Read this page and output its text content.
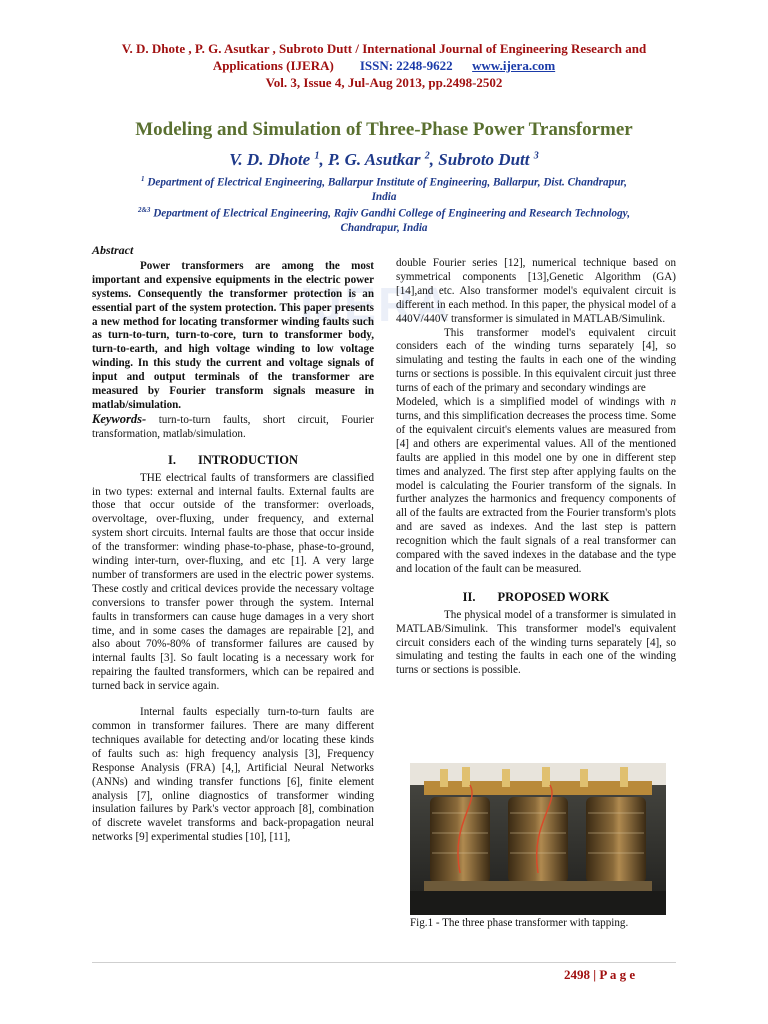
V. D. Dhote , P. G. Asutkar , Subroto Dutt / International Journal of Engineering Research and
Applications (IJERA) ISSN: 2248-9622 www.ijera.com
Vol. 3, Issue 4, Jul-Aug 2013, pp.2498-2502
IJERA
Modeling and Simulation of Three-Phase Power Transformer
V. D. Dhote $^1$, P. G. Asutkar $^2$, Subroto Dutt $^3$
$^1$ Department of Electrical Engineering, Ballarpur Institute of Engineering, Ballarpur, Dist. Chandrapur,
India
$^{2\&3}$ Department of Electrical Engineering, Rajiv Gandhi College of Engineering and Research Technology,
Chandrapur, India
Abstract

Power transformers are among the most important and expensive equipments in the electric power systems. Consequently the transformer protection is an essential part of the system protection. This paper presents a new method for locating transformer winding faults such as turn-to-turn, turn-to-core, turn to transformer body, turn-to-earth, and high voltage winding to low voltage winding. In this study the current and voltage signals of input and output terminals of the transformer are measured by Fourier transform signals measure in matlab/simulation.

Keywords- turn-to-turn faults, short circuit, Fourier transformation, matlab/simulation.

I. INTRODUCTION

THE electrical faults of transformers are classified in two types: external and internal faults. External faults are those that occur outside of the transformer: overloads, overvoltage, over-fluxing, under frequency, and external system short circuits. Internal faults are those that occur inside of the transformer: winding phase-to-phase, phase-to-ground, winding inter-turn, over-fluxing, and etc [1]. A very large number of transformers are used in the electric power systems. These costly and critical devices provide the necessary voltage conversions to transfer power through the system. Internal faults in transformers can cause huge damages in a very short time, and in some cases the damages are repairable [2], and also about 70%-80% of transformer failures are caused by internal faults [3]. So fault locating is a necessary work for repairing the faulted transformers, which can be repaired and turned back in service again.

Internal faults especially turn-to-turn faults are common in transformer failures. There are many different techniques available for detecting and/or locating these kinds of faults such as: high frequency analysis [3], Frequency Response Analysis (FRA) [4,], Artificial Neural Networks (ANNs) and winding transfer functions [6], finite element analysis [7], online diagnostics of transformer winding insulation failures by Park's vector approach [8], combination of discrete wavelet transforms and back-propagation neural networks [9] experimental studies [10], [11],

double Fourier series [12], numerical technique based on symmetrical components [13],Genetic Algorithm (GA) [14],and etc. Also transformer model's equivalent circuit is different in each method. In this paper, the physical model of a 440V/440V transformer is simulated in MATLAB/Simulink.

This transformer model's equivalent circuit considers each of the winding turns separately [4], so simulating and testing the faults in each one of the winding turns or sections is possible. In this equivalent circuit just three turns of each of the primary and secondary windings are

Modeled, which is a simplified model of windings with n turns, and this simplification decreases the process time. Some of the equivalent circuit's elements values are measured from [4] and others are experimental values. All of the mentioned faults are applied in this model one by one in different step times and analyzed. The first step after applying faults on the model is calculating the Fourier transform of the signals. In further analyzes the harmonics and frequency components of all of the faults are extracted from the Fourier transform's plots and are saved as indexes. And the last step is pattern recognition which the fault signals of a real transformer can compared with the saved indexes in the database and the type and location of the fault can be measured.

II. PROPOSED WORK

The physical model of a transformer is simulated in MATLAB/Simulink. This transformer model's equivalent circuit considers each of the winding turns separately [4], so simulating and testing the faults in each one of the winding turns or sections is possible.

Fig.1 - The three phase transformer with tapping.
2498 | P a g e
